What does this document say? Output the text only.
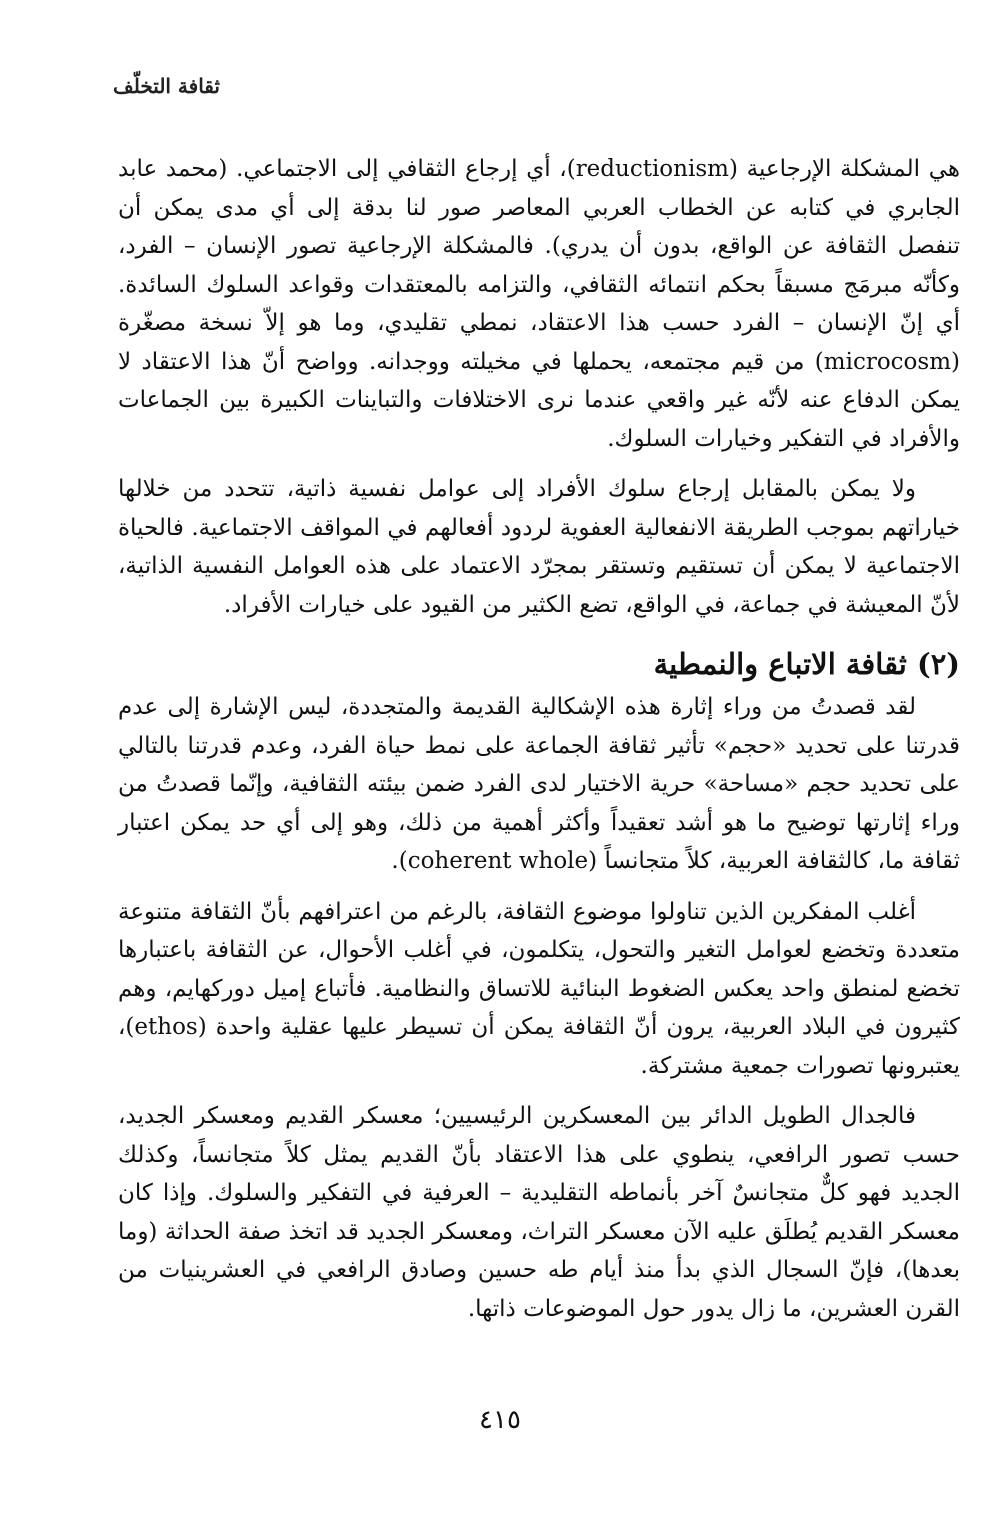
ثقافة التخلّف

هي المشكلة الإرجاعية (reductionism)، أي إرجاع الثقافي إلى الاجتماعي. (محمد عابد الجابري في كتابه عن الخطاب العربي المعاصر صور لنا بدقة إلى أي مدى يمكن أن تنفصل الثقافة عن الواقع، بدون أن يدري). فالمشكلة الإرجاعية تصور الإنسان – الفرد، وكأنّه مبرمَج مسبقاً بحكم انتمائه الثقافي، والتزامه بالمعتقدات وقواعد السلوك السائدة. أي إنّ الإنسان – الفرد حسب هذا الاعتقاد، نمطي تقليدي، وما هو إلاّ نسخة مصغّرة (microcosm) من قيم مجتمعه، يحملها في مخيلته ووجدانه. وواضح أنّ هذا الاعتقاد لا يمكن الدفاع عنه لأنّه غير واقعي عندما نرى الاختلافات والتباينات الكبيرة بين الجماعات والأفراد في التفكير وخيارات السلوك.

ولا يمكن بالمقابل إرجاع سلوك الأفراد إلى عوامل نفسية ذاتية، تتحدد من خلالها خياراتهم بموجب الطريقة الانفعالية العفوية لردود أفعالهم في المواقف الاجتماعية. فالحياة الاجتماعية لا يمكن أن تستقيم وتستقر بمجرّد الاعتماد على هذه العوامل النفسية الذاتية، لأنّ المعيشة في جماعة، في الواقع، تضع الكثير من القيود على خيارات الأفراد.

(٢) ثقافة الاتباع والنمطية

لقد قصدتُ من وراء إثارة هذه الإشكالية القديمة والمتجددة، ليس الإشارة إلى عدم قدرتنا على تحديد «حجم» تأثير ثقافة الجماعة على نمط حياة الفرد، وعدم قدرتنا بالتالي على تحديد حجم «مساحة» حرية الاختيار لدى الفرد ضمن بيئته الثقافية، وإنّما قصدتُ من وراء إثارتها توضيح ما هو أشد تعقيداً وأكثر أهمية من ذلك، وهو إلى أي حد يمكن اعتبار ثقافة ما، كالثقافة العربية، كلاً متجانساً (coherent whole).

أغلب المفكرين الذين تناولوا موضوع الثقافة، بالرغم من اعترافهم بأنّ الثقافة متنوعة متعددة وتخضع لعوامل التغير والتحول، يتكلمون، في أغلب الأحوال، عن الثقافة باعتبارها تخضع لمنطق واحد يعكس الضغوط البنائية للاتساق والنظامية. فأتباع إميل دوركهايم، وهم كثيرون في البلاد العربية، يرون أنّ الثقافة يمكن أن تسيطر عليها عقلية واحدة (ethos)، يعتبرونها تصورات جمعية مشتركة.

فالجدال الطويل الدائر بين المعسكرين الرئيسيين؛ معسكر القديم ومعسكر الجديد، حسب تصور الرافعي، ينطوي على هذا الاعتقاد بأنّ القديم يمثل كلاً متجانساً، وكذلك الجديد فهو كلٌّ متجانسٌ آخر بأنماطه التقليدية – العرفية في التفكير والسلوك. وإذا كان معسكر القديم يُطلَق عليه الآن معسكر التراث، ومعسكر الجديد قد اتخذ صفة الحداثة (وما بعدها)، فإنّ السجال الذي بدأ منذ أيام طه حسين وصادق الرافعي في العشرينيات من القرن العشرين، ما زال يدور حول الموضوعات ذاتها.

٤١٥
